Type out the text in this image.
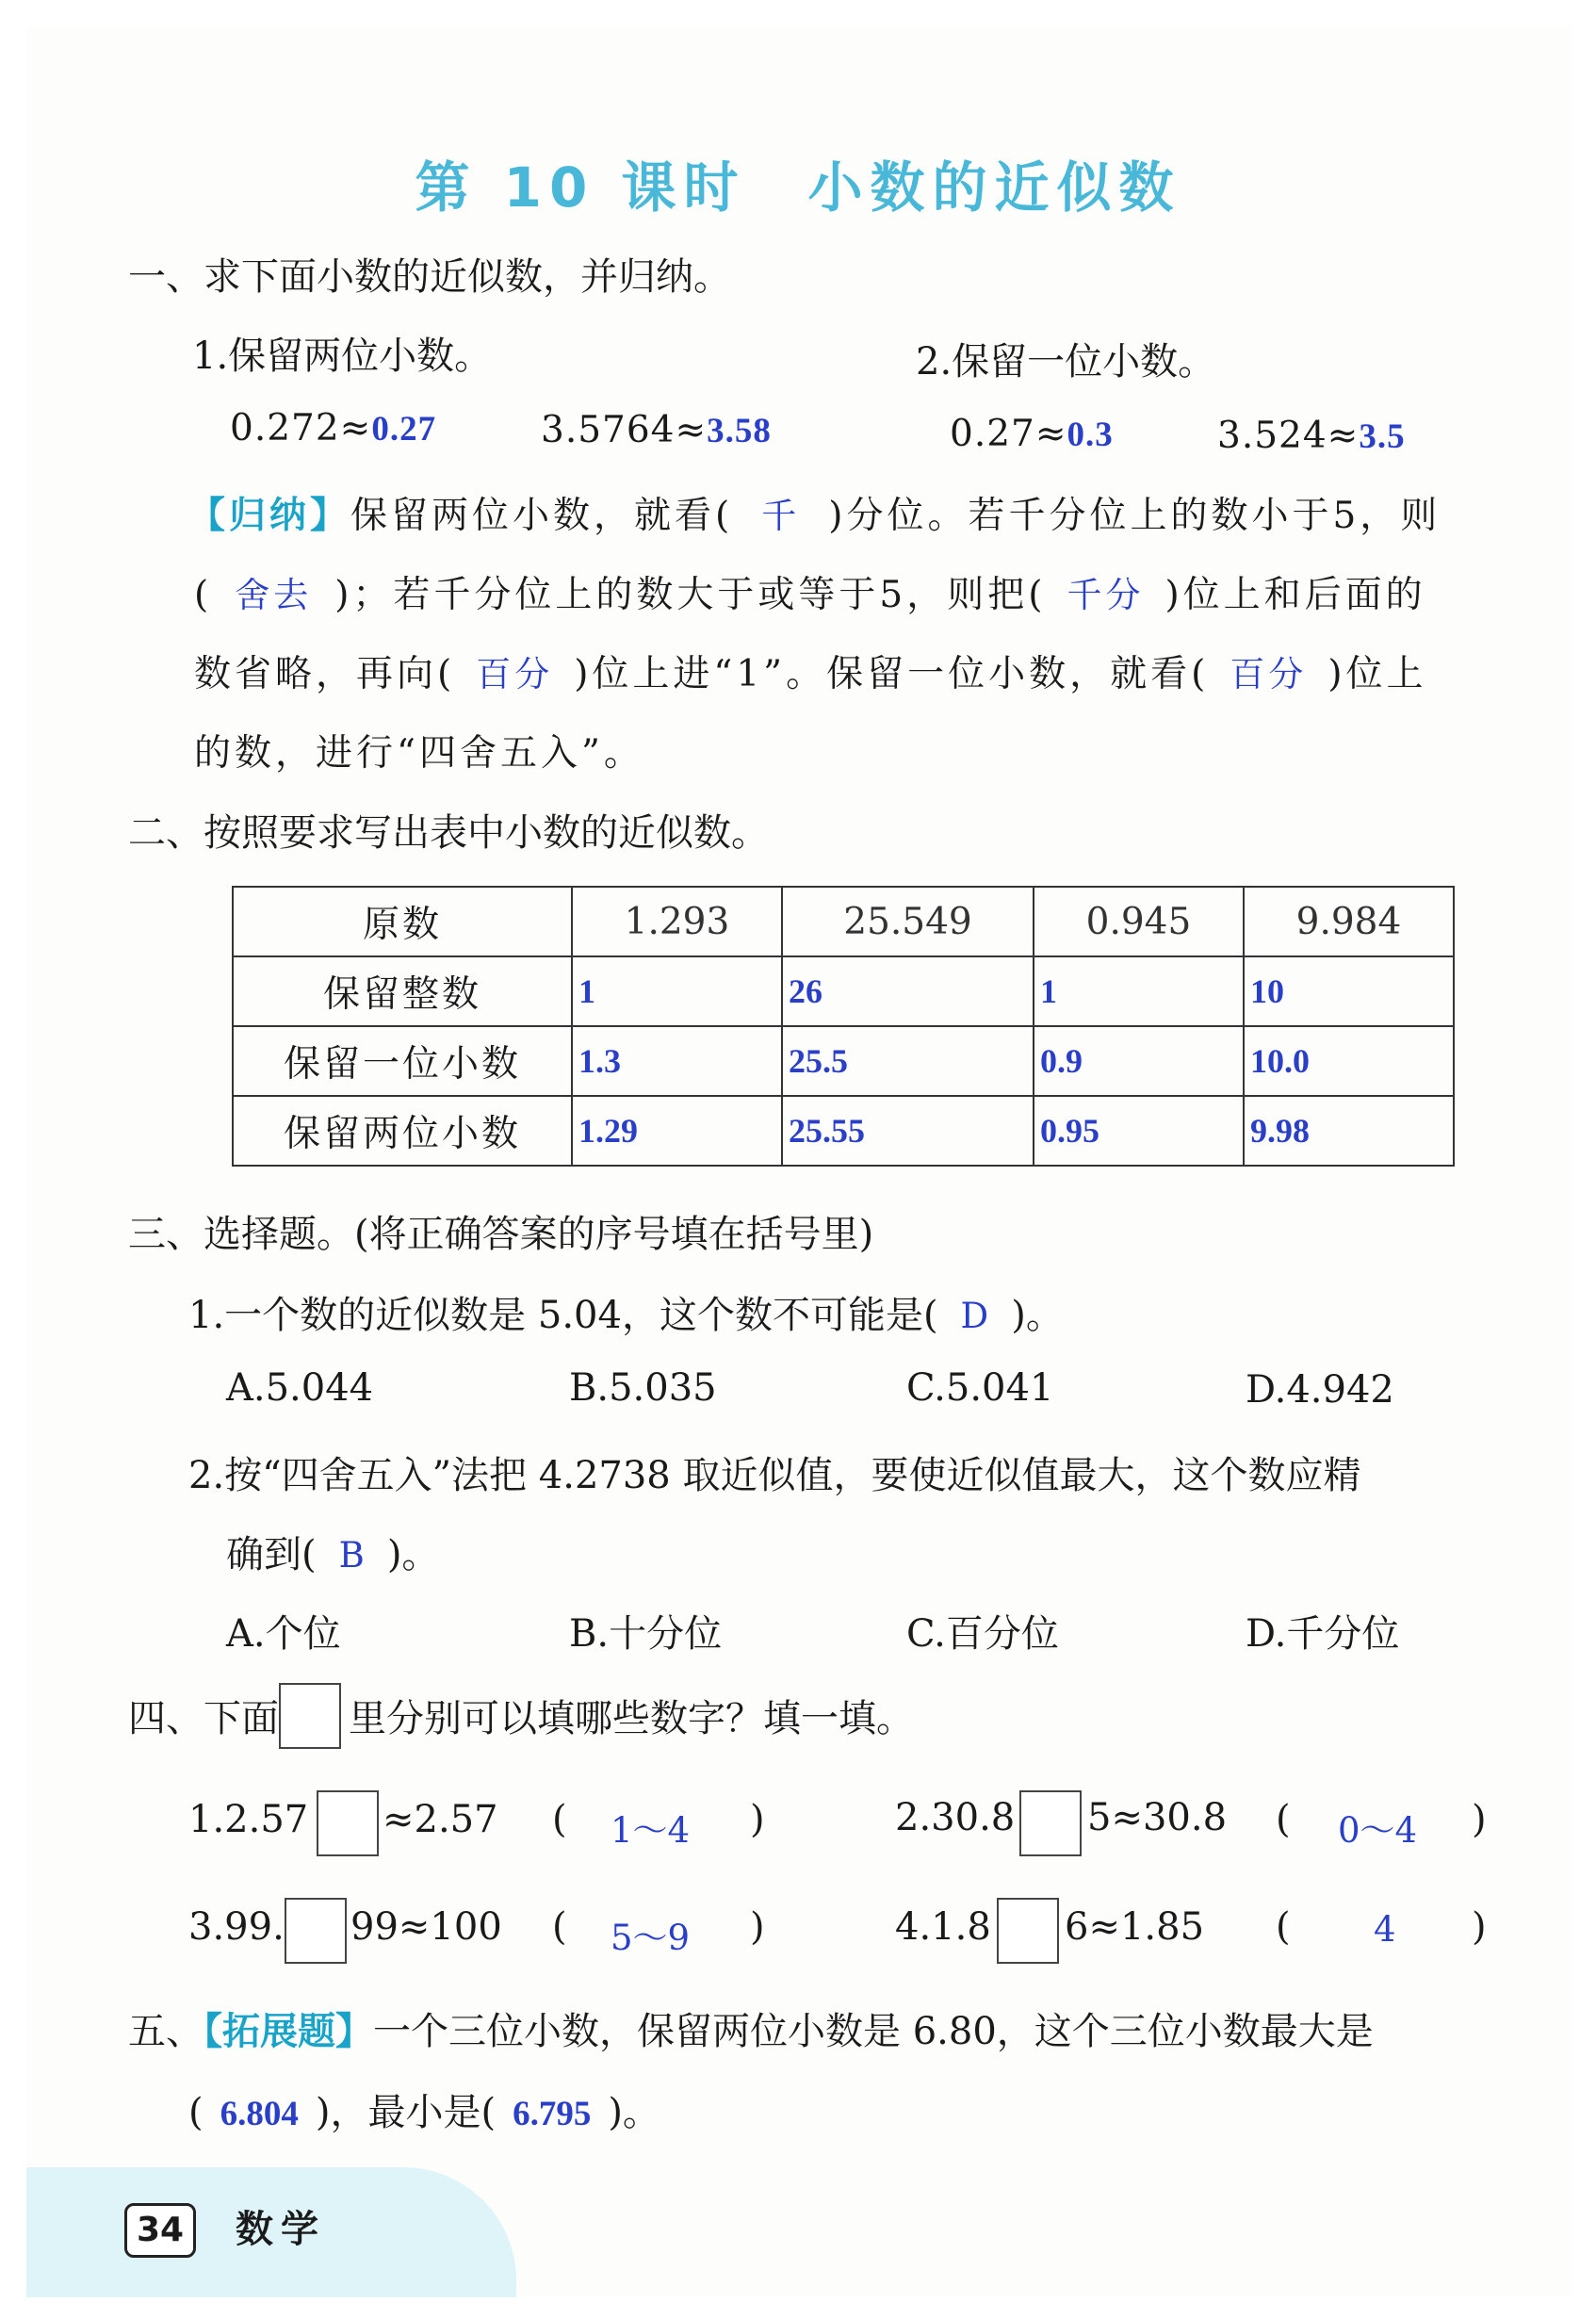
第 10 课时　小数的近似数
一、求下面小数的近似数，并归纳。
1.保留两位小数。	2.保留一位小数。
0.272≈0.27	3.5764≈3.58	0.27≈0.3	3.524≈3.5
【归纳】保留两位小数，就看( 千 )分位。若千分位上的数小于5，则
( 舍去 )；若千分位上的数大于或等于5，则把( 千分 )位上和后面的
数省略，再向( 百分 )位上进“1”。保留一位小数，就看( 百分 )位上
的数，进行“四舍五入”。
二、按照要求写出表中小数的近似数。
原数	1.293	25.549	0.945	9.984
保留整数	1	26	1	10
保留一位小数	1.3	25.5	0.9	10.0
保留两位小数	1.29	25.55	0.95	9.98
三、选择题。(将正确答案的序号填在括号里)
1.一个数的近似数是 5.04，这个数不可能是( D )。
A.5.044	B.5.035	C.5.041	D.4.942
2.按“四舍五入”法把 4.2738 取近似值，要使近似值最大，这个数应精
确到( B )。
A.个位	B.十分位	C.百分位	D.千分位
四、下面 里分别可以填哪些数字？填一填。
1.2.57 ≈2.57 ( 1～4 )	2.30.8 5≈30.8 ( 0～4 )
3.99. 99≈100 ( 5～9 )	4.1.8 6≈1.85 ( 4 )
五、【拓展题】一个三位小数，保留两位小数是 6.80，这个三位小数最大是
( 6.804 )，最小是( 6.795 )。
34	数学
